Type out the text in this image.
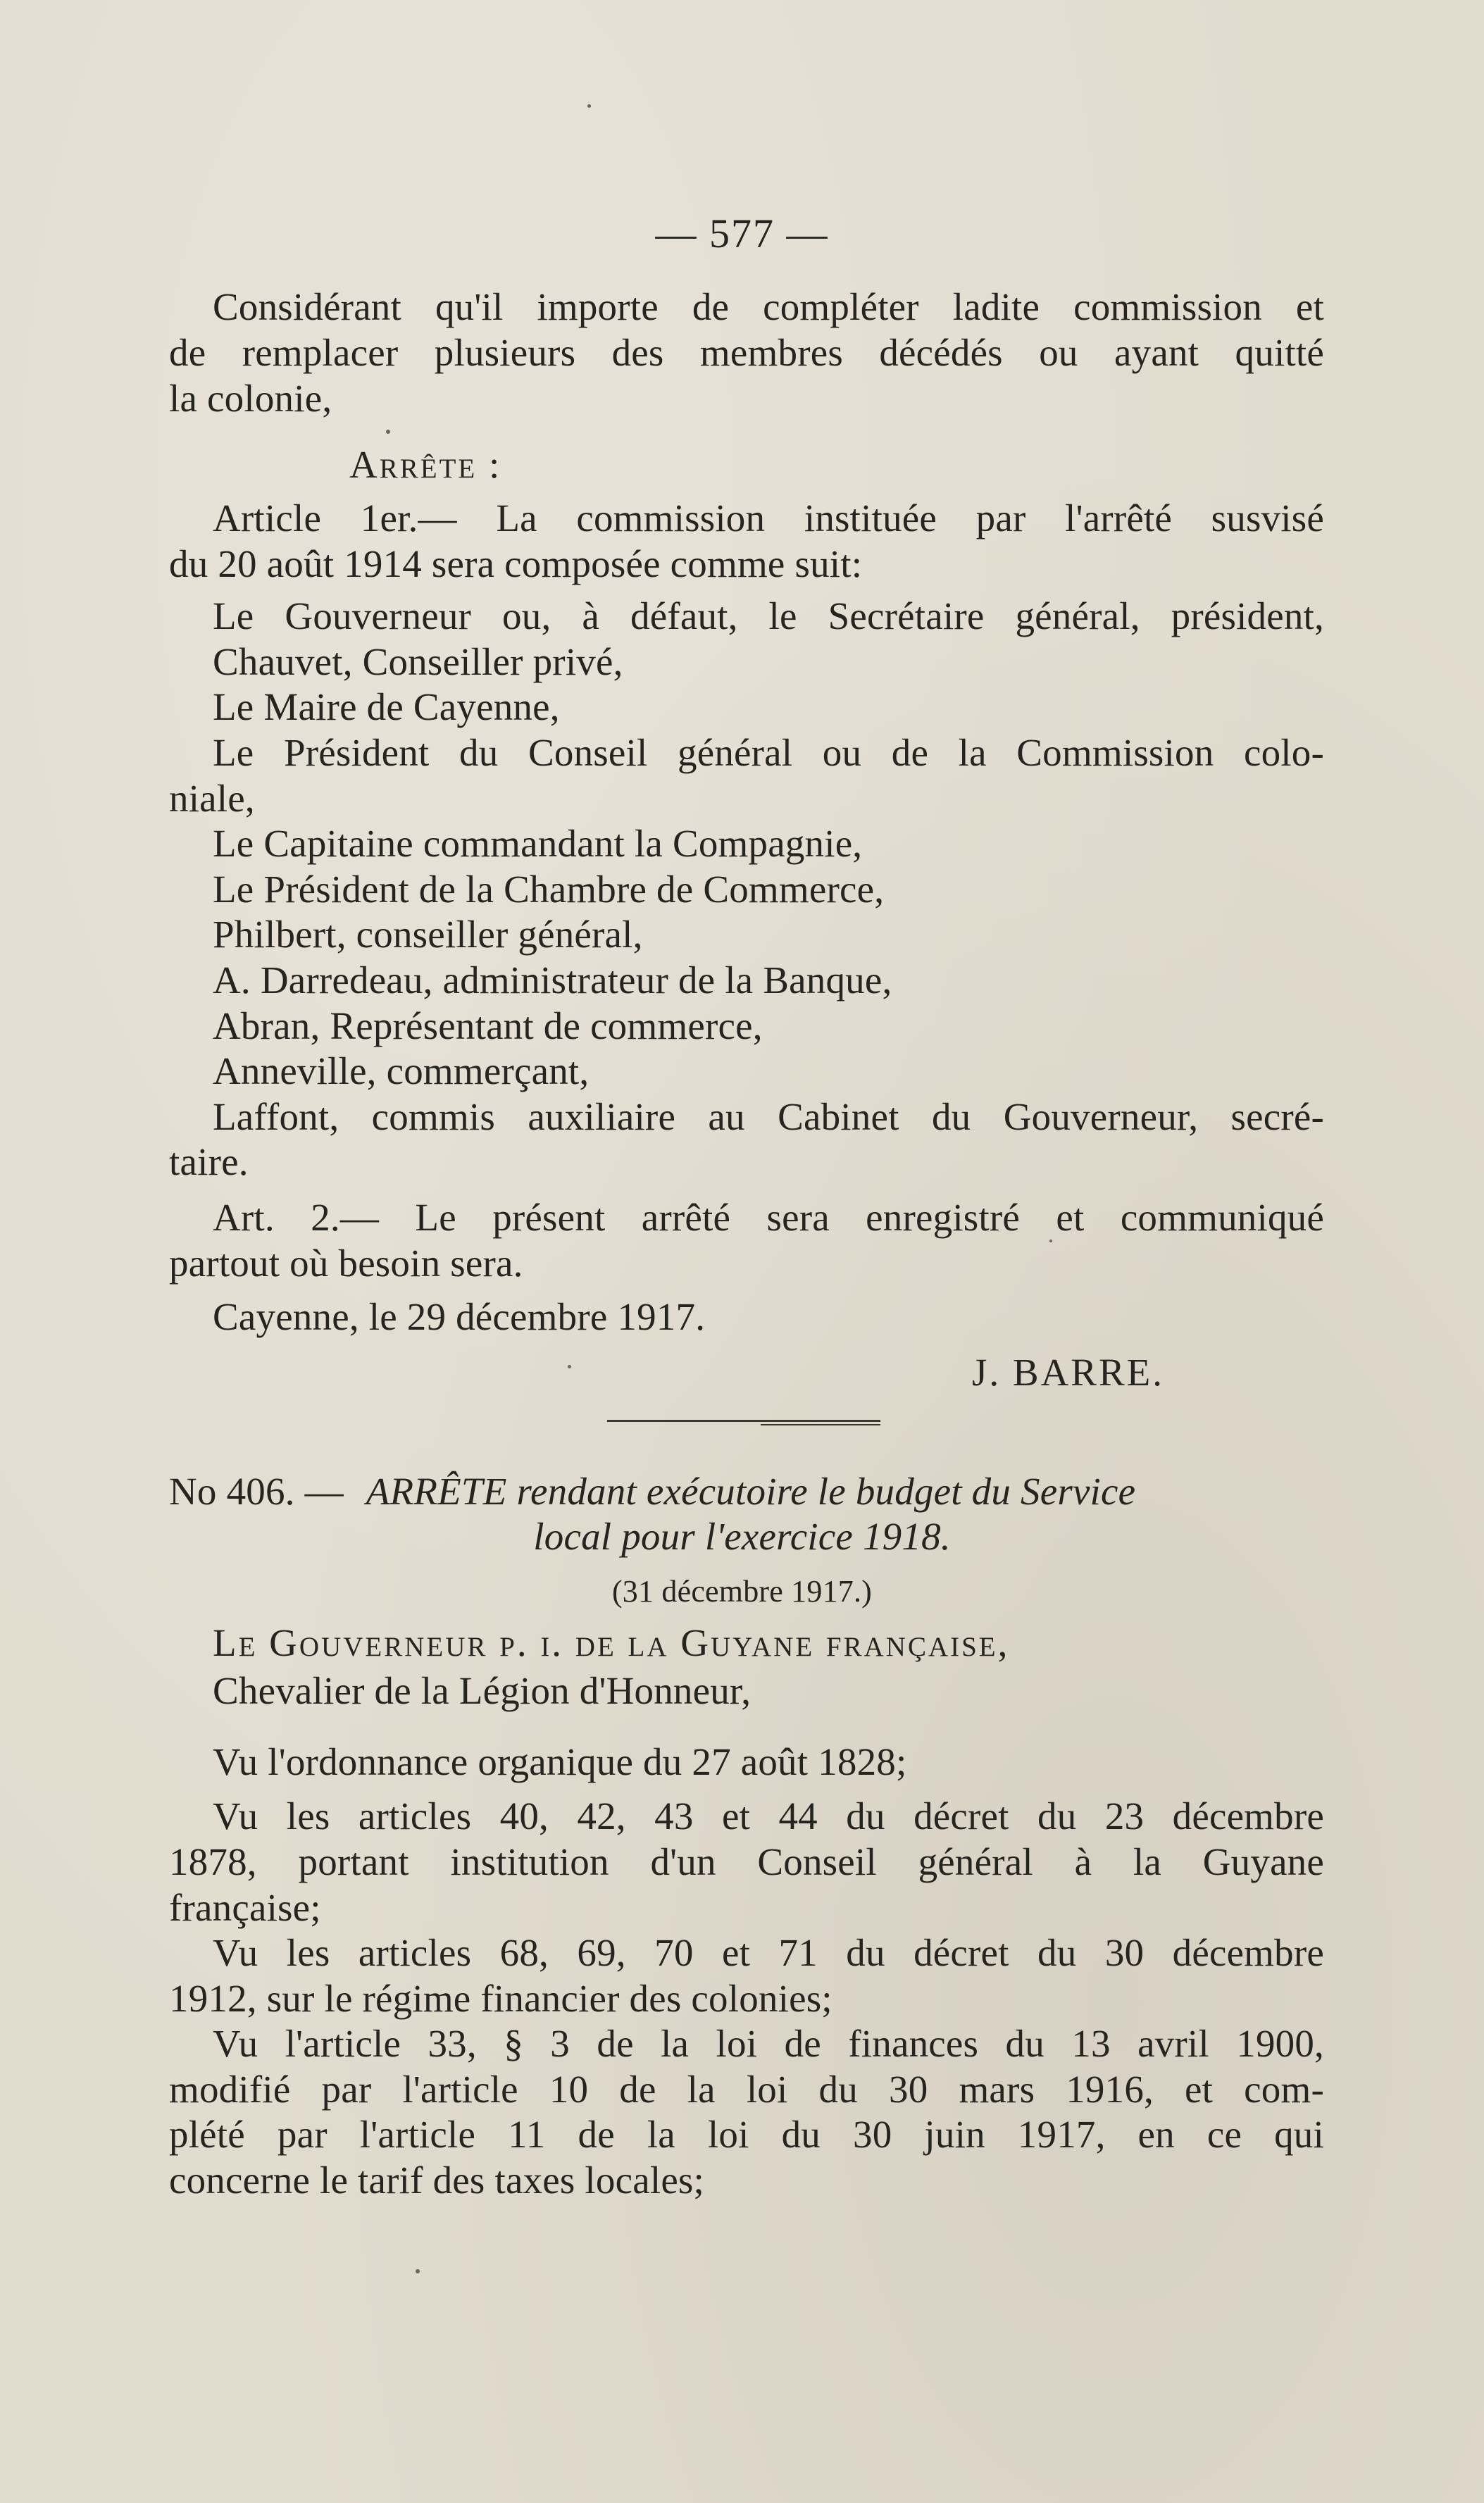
— 577 —
Considérant qu'il importe de compléter ladite commission et
de remplacer plusieurs des membres décédés ou ayant quitté
la colonie,
Arrête :
Article 1er.— La commission instituée par l'arrêté susvisé
du 20 août 1914 sera composée comme suit:
Le Gouverneur ou, à défaut, le Secrétaire général, président,
Chauvet, Conseiller privé,
Le Maire de Cayenne,
Le Président du Conseil général ou de la Commission colo-
niale,
Le Capitaine commandant la Compagnie,
Le Président de la Chambre de Commerce,
Philbert, conseiller général,
A. Darredeau, administrateur de la Banque,
Abran, Représentant de commerce,
Anneville, commerçant,
Laffont, commis auxiliaire au Cabinet du Gouverneur, secré-
taire.
Art. 2.— Le présent arrêté sera enregistré et communiqué
partout où besoin sera.
Cayenne, le 29 décembre 1917.
J. BARRE.
No 406. — ARRÊTE rendant exécutoire le budget du Service
local pour l'exercice 1918.
(31 décembre 1917.)
Le Gouverneur p. i. de la Guyane française,
Chevalier de la Légion d'Honneur,
Vu l'ordonnance organique du 27 août 1828;
Vu les articles 40, 42, 43 et 44 du décret du 23 décembre
1878, portant institution d'un Conseil général à la Guyane
française;
Vu les articles 68, 69, 70 et 71 du décret du 30 décembre
1912, sur le régime financier des colonies;
Vu l'article 33, § 3 de la loi de finances du 13 avril 1900,
modifié par l'article 10 de la loi du 30 mars 1916, et com-
plété par l'article 11 de la loi du 30 juin 1917, en ce qui
concerne le tarif des taxes locales;
